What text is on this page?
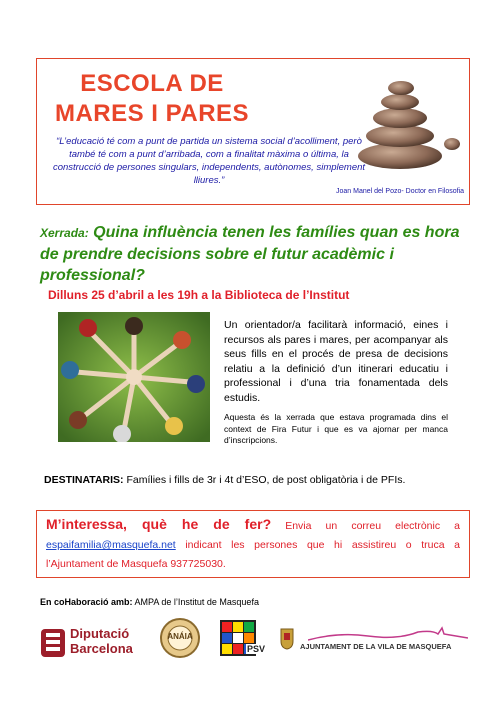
ESCOLA DE
MARES I PARES
“L’educació té com a punt de partida un sistema social d’acolliment, però també té com a punt d’arribada, com a finalitat màxima o última, la construcció de persones singulars, independents, autònomes, simplement lliures.”
Joan Manel del Pozo- Doctor en Filosofia
Xerrada: Quina influència tenen les famílies quan es hora de prendre decisions sobre el futur acadèmic i professional?
Dilluns 25 d’abril a les 19h a la Biblioteca de l’Institut
Un orientador/a facilitarà informació, eines i recursos als pares i mares, per acompanyar als seus fills en el procés de presa de decisions relatiu a la definició d’un itinerari educatiu i professional i d’una tria fonamentada dels estudis.
Aquesta és la xerrada que estava programada dins el context de Fira Futur i que es va ajornar per manca d’inscripcions.
DESTINATARIS: Famílies i fills de 3r i 4t d’ESO, de post obligatòria i de PFIs.
M’interessa, què he de fer? Envia un correu electrònic a espaifamilia@masquefa.net indicant les persones que hi assistireu o truca a l’Ajuntament de Masquefa 937725030.
En coHaboració amb: AMPA de l’Institut de Masquefa
Diputació
Barcelona
ANÁIA
PSV	AJUNTAMENT DE LA VILA DE MASQUEFA
